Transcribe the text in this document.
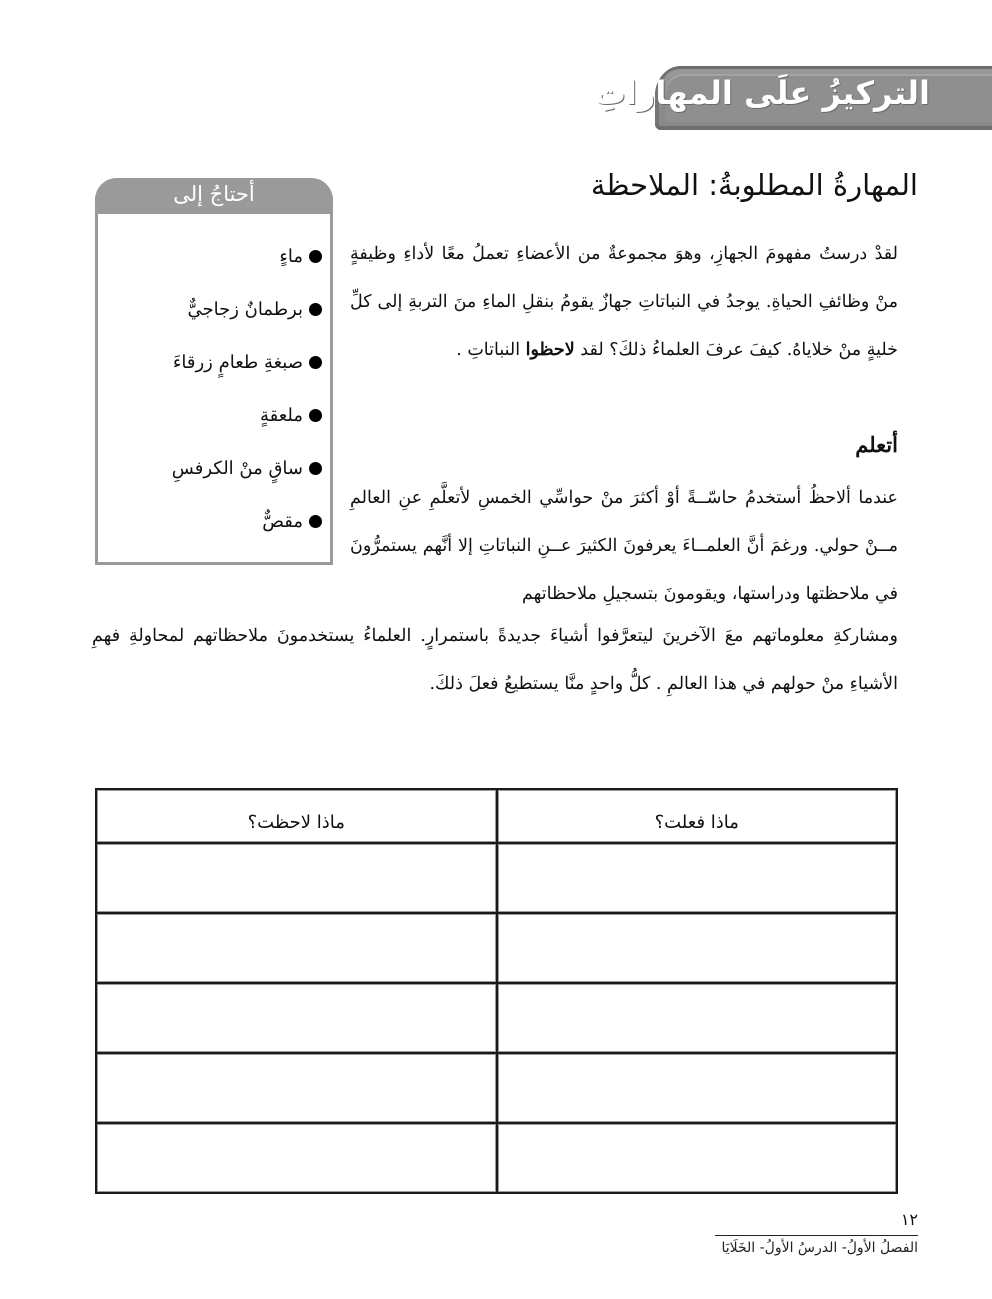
التركيزُ علَى المهاراتِ
المهارةُ المطلوبةُ: الملاحظة
لقدْ درستُ مفهومَ الجهازِ، وهوَ مجموعةٌ من الأعضاءِ تعملُ معًا لأداءِ وظيفةٍ منْ وظائفِ الحياةِ. يوجدُ في النباتاتِ جهازٌ يقومُ بنقلِ الماءِ منَ التربةِ إلى كلِّ خليةٍ منْ خلاياهُ. كيفَ عرفَ العلماءُ ذلكَ؟ لقد لاحظوا النباتاتِ .
أتعلم
عندما ألاحظُ أستخدمُ حاسّــةً أوْ أكثرَ منْ حواسِّي الخمسِ لأتعلَّمِ عنِ العالمِ مــنْ حولي. ورغمَ أنَّ العلمــاءَ يعرفونَ الكثيرَ عــنِ النباتاتِ إلا أنَّهم يستمرُّونَ في ملاحظتها ودراستها، ويقومونَ بتسجيلِ ملاحظاتهم
ومشاركةِ معلوماتهم معَ الآخرينَ ليتعرَّفوا أشياءَ جديدةً باستمرارٍ. العلماءُ يستخدمونَ ملاحظاتهم لمحاولةِ فهمِ الأشياءِ منْ حولهم في هذا العالمِ . كلُّ واحدٍ منَّا يستطيعُ فعلَ ذلكَ.
أحتاجُ إلى
ماءٍ
برطمانٌ زجاجيٌّ
صبغةِ طعامٍ زرقاءَ
ملعقةٍ
ساقٍ منْ الكرفسِ
مقصٌّ
ماذا فعلت؟	ماذا لاحظت؟

١٢
الفصلُ الأولُ- الدرسُ الأولُ- الخَلَايَا
